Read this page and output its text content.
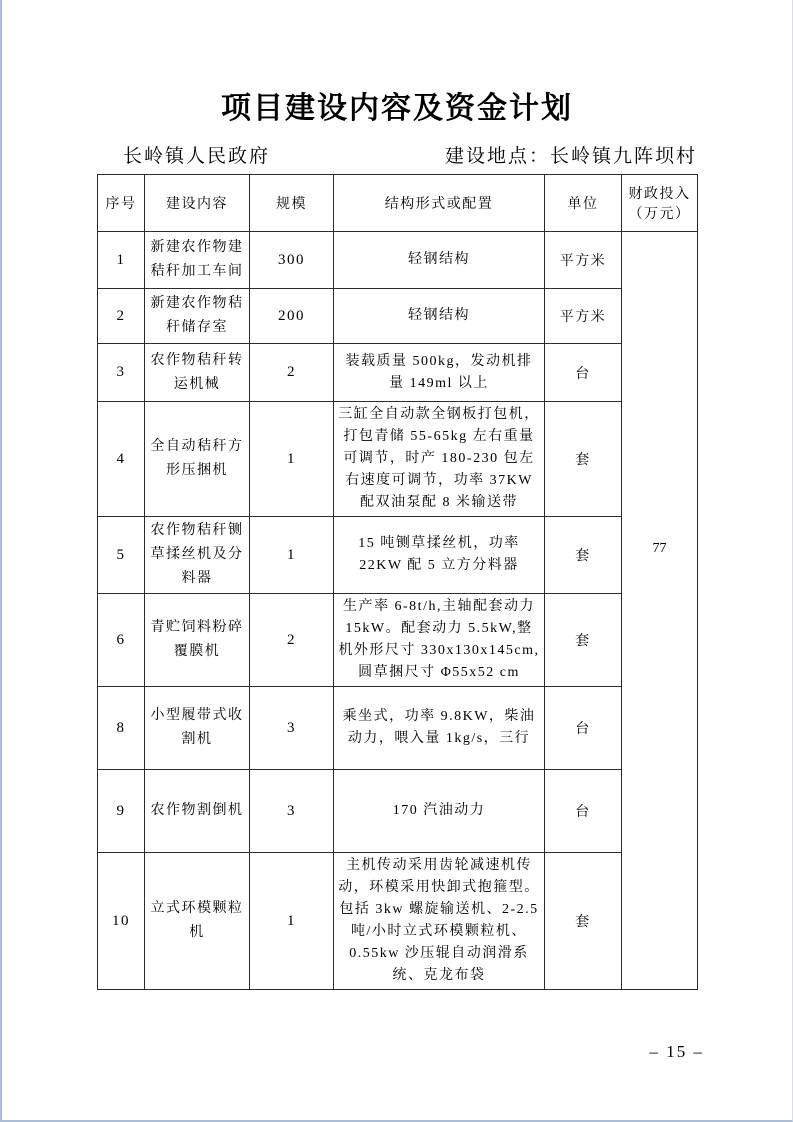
项目建设内容及资金计划
长岭镇人民政府	建设地点：长岭镇九阵坝村
序号	建设内容	规模	结构形式或配置	单位	财政投入（万元）
1	新建农作物建秸秆加工车间	300	轻钢结构	平方米	77

2	新建农作物秸秆储存室	200	轻钢结构	平方米	
3	农作物秸秆转运机械	2	装载质量 500kg，发动机排量 149ml 以上	台	
4	全自动秸秆方形压捆机	1	三缸全自动款全钢板打包机，打包青储 55-65kg 左右重量可调节，时产 180-230 包左右速度可调节，功率 37KW 配双油泵配 8 米输送带	套	
5	农作物秸秆铡草揉丝机及分料器	1	15 吨铡草揉丝机，功率 22KW 配 5 立方分料器	套	
6	青贮饲料粉碎覆膜机	2	生产率 6-8t/h,主轴配套动力 15kW。配套动力 5.5kW,整机外形尺寸 330x130x145cm,圆草捆尺寸 Φ55x52 cm	套	
8	小型履带式收割机	3	乘坐式，功率 9.8KW，柴油动力，喂入量 1kg/s，三行	台	
9	农作物割倒机	3	170 汽油动力	台	
10	立式环模颗粒机	1	主机传动采用齿轮减速机传动，环模采用快卸式抱箍型。包括 3kw 螺旋输送机、2-2.5 吨/小时立式环模颗粒机、0.55kw 沙压辊自动润滑系统、克龙布袋	套	
– 15 –
